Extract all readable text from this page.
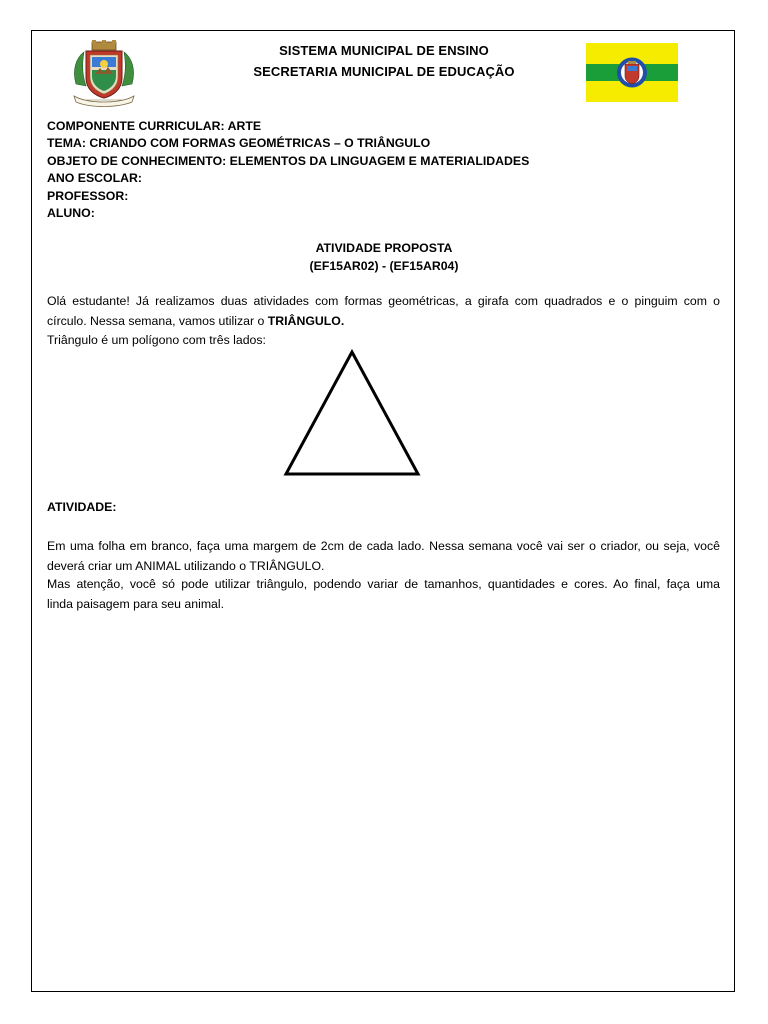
SISTEMA MUNICIPAL DE ENSINO
SECRETARIA MUNICIPAL DE EDUCAÇÃO
COMPONENTE CURRICULAR: ARTE
TEMA: CRIANDO COM FORMAS GEOMÉTRICAS – O TRIÂNGULO
OBJETO DE CONHECIMENTO: ELEMENTOS DA LINGUAGEM E MATERIALIDADES
ANO ESCOLAR:
PROFESSOR:
ALUNO:
ATIVIDADE PROPOSTA
(EF15AR02) - (EF15AR04)
Olá estudante! Já realizamos duas atividades com formas geométricas, a girafa com quadrados e o pinguim com o
círculo. Nessa semana, vamos utilizar o TRIÂNGULO.
Triângulo é um polígono com três lados:
ATIVIDADE:
Em uma folha em branco, faça uma margem de 2cm de cada lado. Nessa semana você vai ser o criador, ou seja, você
deverá criar um ANIMAL utilizando o TRIÂNGULO.
Mas atenção, você só pode utilizar triângulo, podendo variar de tamanhos, quantidades e cores. Ao final, faça uma
linda paisagem para seu animal.
